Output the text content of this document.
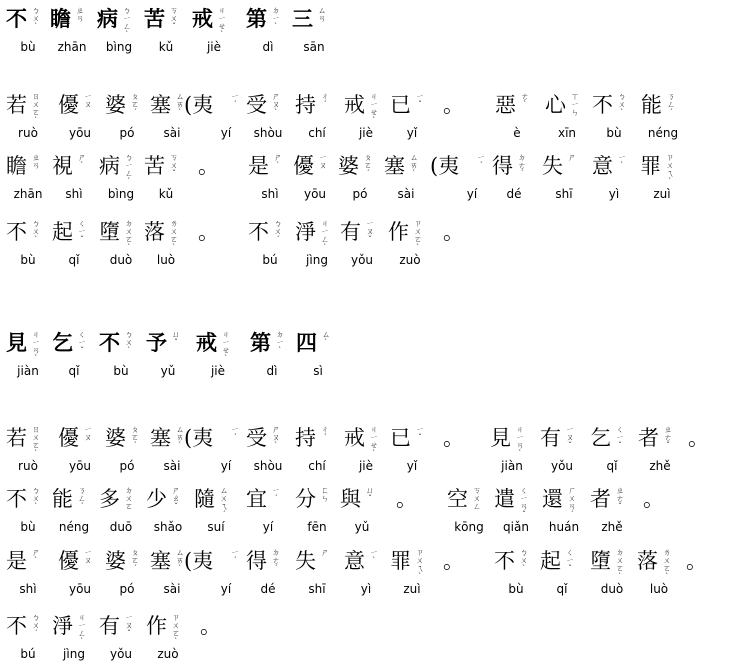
不 ㄅ
ㄨ
ˋ
bù
瞻 ㄓ
ㄢ
zhān
病 ㄅ
ㄧ
ㄥ
ˋ
bìng
苦 ㄎ
ㄨ
ˇ
kǔ
戒 ㄐ
ㄧ
ㄝ
ˋ
jiè
第 ㄉ
ㄧ
ˋ
dì
三 ㄙ
ㄢ
sān
若 ㄖ
ㄨ
ㄛ
ˋ
ruò
優 ㄧ
ㄡ
yōu
婆 ㄆ
ㄛ
ˊ
pó
塞 ㄙ
ㄞ
ˋ
sài
(夷 ㄧ
ˊ
yí
受 ㄕ
ㄡ
ˋ
shòu
持 ㄔ
ˊ
chí
戒 ㄐ
ㄧ
ㄝ
ˋ
jiè
已 ㄧ
ˇ
yǐ
。 惡 ㄜ
ˋ
è
心 ㄒ
ㄧ
ㄣ
xīn
不 ㄅ
ㄨ
ˋ
bù
能 ㄋ
ㄥ
ˊ
néng
瞻 ㄓ
ㄢ
zhān
視 ㄕ
ˋ
shì
病 ㄅ
ㄧ
ㄥ
ˋ
bìng
苦 ㄎ
ㄨ
ˇ
kǔ
。 是 ㄕ
ˋ
shì
優 ㄧ
ㄡ
yōu
婆 ㄆ
ㄛ
ˊ
pó
塞 ㄙ
ㄞ
ˋ
sài
(夷 ㄧ
ˊ
yí
得 ㄉ
ㄜ
ˊ
dé
失 ㄕ
shī
意 ㄧ
ˋ
yì
罪 ㄗ
ㄨ
ㄟ
ˋ
zuì
不 ㄅ
ㄨ
ˋ
bù
起 ㄑ
ㄧ
ˇ
qǐ
墮 ㄉ
ㄨ
ㄛ
ˋ
duò
落 ㄌ
ㄨ
ㄛ
ˋ
luò
。 不 ㄅ
ㄨ
ˊ
bú
淨 ㄐ
ㄧ
ㄥ
ˋ
jìng
有 ㄧ
ㄡ
ˇ
yǒu
作 ㄗ
ㄨ
ㄛ
ˋ
zuò
。
見 ㄐ
ㄧ
ㄢ
ˋ
jiàn
乞 ㄑ
ㄧ
ˇ
qǐ
不 ㄅ
ㄨ
ˋ
bù
予 ㄩ
ˇ
yǔ
戒 ㄐ
ㄧ
ㄝ
ˋ
jiè
第 ㄉ
ㄧ
ˋ
dì
四 ㄙ
ˋ
sì
若 ㄖ
ㄨ
ㄛ
ˋ
ruò
優 ㄧ
ㄡ
yōu
婆 ㄆ
ㄛ
ˊ
pó
塞 ㄙ
ㄞ
ˋ
sài
(夷 ㄧ
ˊ
yí
受 ㄕ
ㄡ
ˋ
shòu
持 ㄔ
ˊ
chí
戒 ㄐ
ㄧ
ㄝ
ˋ
jiè
已 ㄧ
ˇ
yǐ
。 見 ㄐ
ㄧ
ㄢ
ˋ
jiàn
有 ㄧ
ㄡ
ˇ
yǒu
乞 ㄑ
ㄧ
ˇ
qǐ
者 ㄓ
ㄜ
ˇ
zhě
。
不 ㄅ
ㄨ
ˋ
bù
能 ㄋ
ㄥ
ˊ
néng
多 ㄉ
ㄨ
ㄛ
duō
少 ㄕ
ㄠ
ˇ
shǎo
隨 ㄙ
ㄨ
ㄟ
ˊ
suí
宜 ㄧ
ˊ
yí
分 ㄈ
ㄣ
fēn
與 ㄩ
ˇ
yǔ
。 空 ㄎ
ㄨ
ㄥ
kōng
遣 ㄑ
ㄧ
ㄢ
ˇ
qiǎn
還 ㄏ
ㄨ
ㄢ
ˊ
huán
者 ㄓ
ㄜ
ˇ
zhě
。
是 ㄕ
ˋ
shì
優 ㄧ
ㄡ
yōu
婆 ㄆ
ㄛ
ˊ
pó
塞 ㄙ
ㄞ
ˋ
sài
(夷 ㄧ
ˊ
yí
得 ㄉ
ㄜ
ˊ
dé
失 ㄕ
shī
意 ㄧ
ˋ
yì
罪 ㄗ
ㄨ
ㄟ
ˋ
zuì
。 不 ㄅ
ㄨ
ˋ
bù
起 ㄑ
ㄧ
ˇ
qǐ
墮 ㄉ
ㄨ
ㄛ
ˋ
duò
落 ㄌ
ㄨ
ㄛ
ˋ
luò
。
不 ㄅ
ㄨ
ˊ
bú
淨 ㄐ
ㄧ
ㄥ
ˋ
jìng
有 ㄧ
ㄡ
ˇ
yǒu
作 ㄗ
ㄨ
ㄛ
ˋ
zuò
。
